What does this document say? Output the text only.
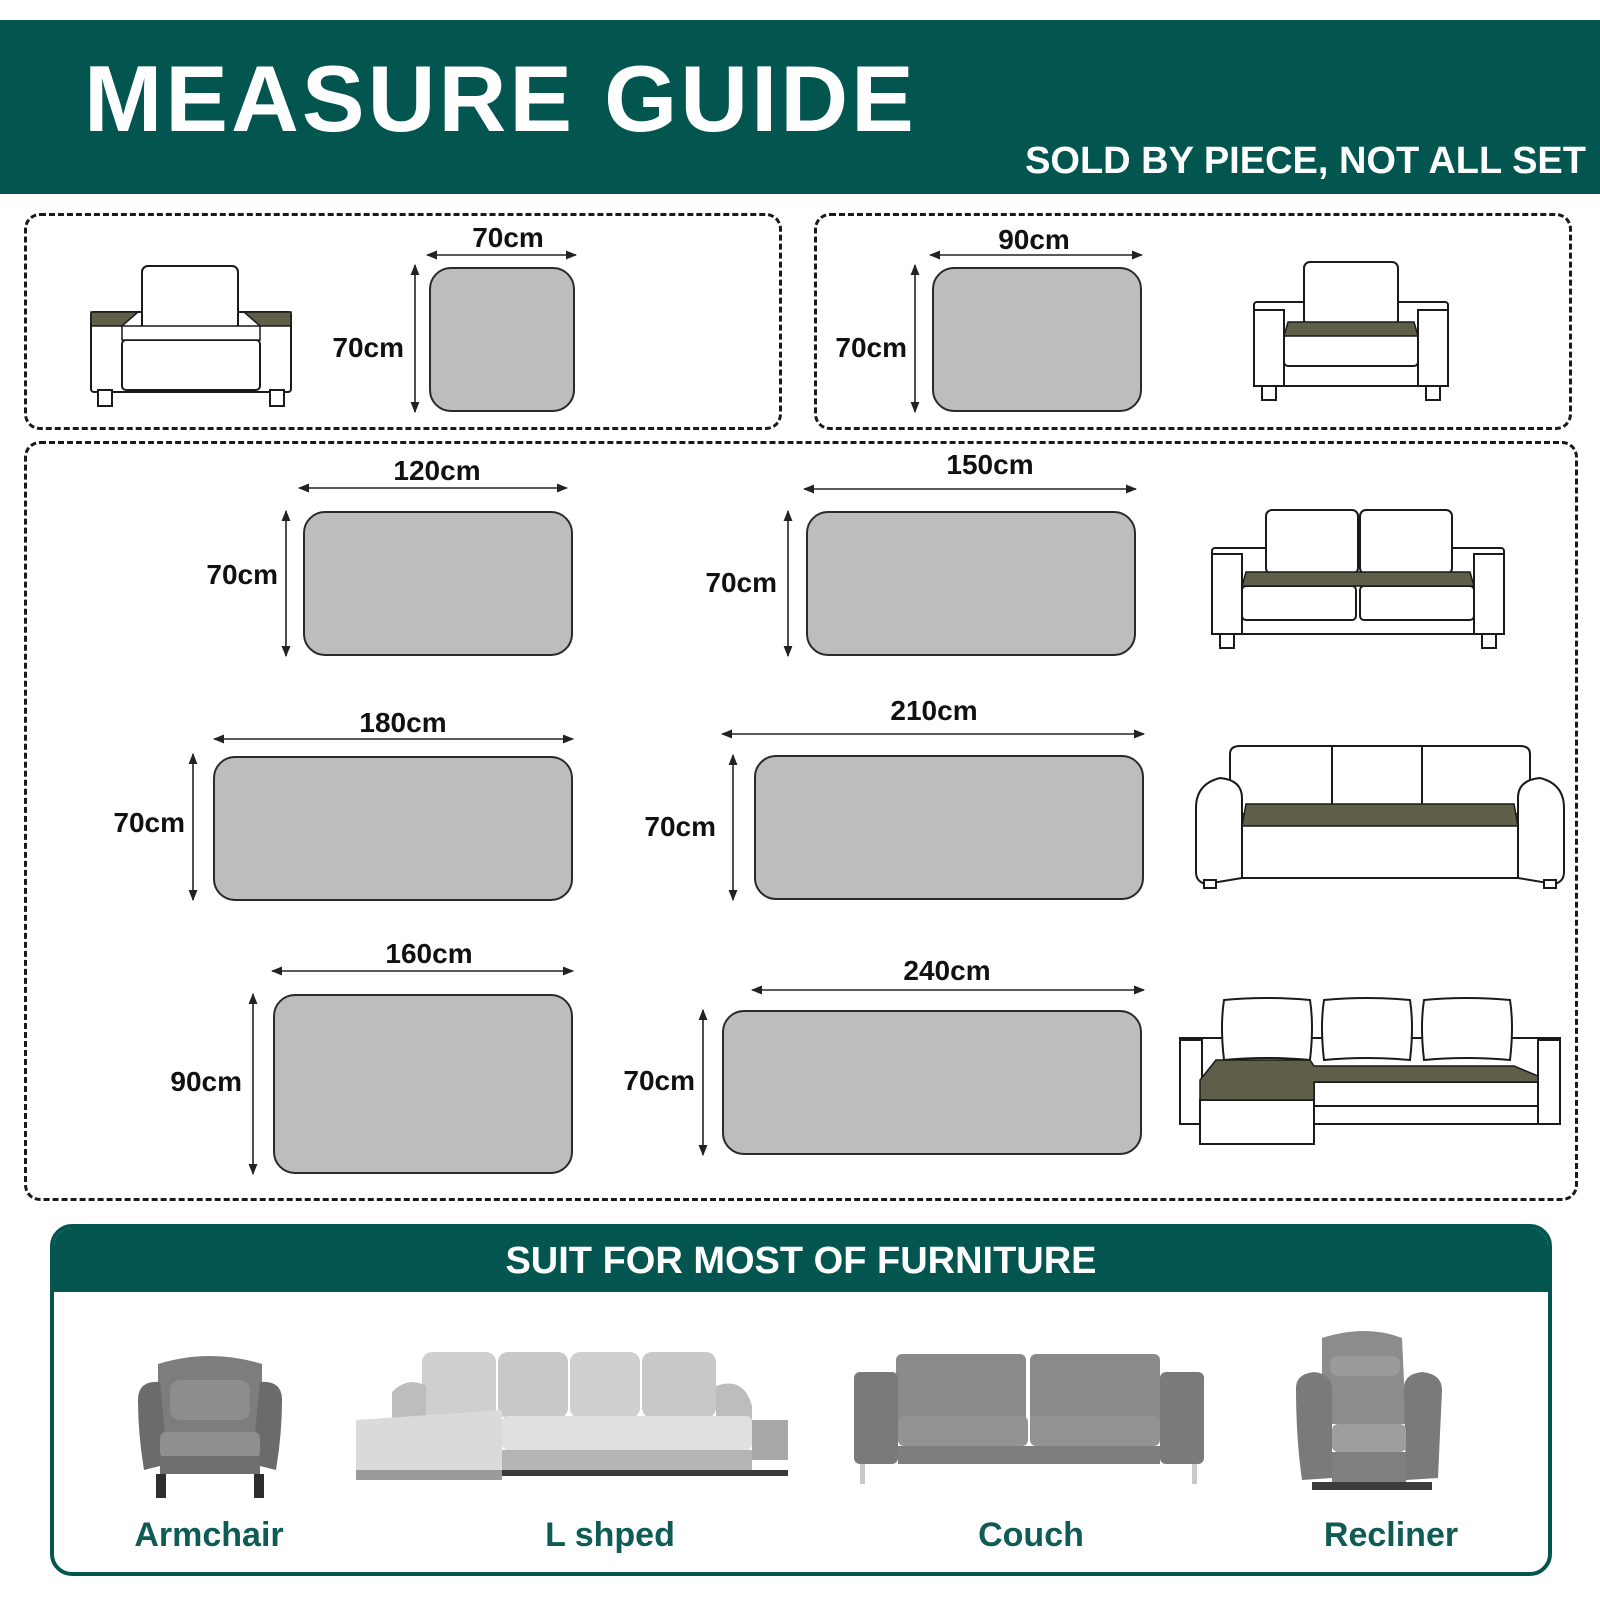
MEASURE GUIDE
SOLD BY PIECE, NOT ALL SET
70cm
70cm
90cm
70cm
120cm
70cm
150cm
70cm
180cm
70cm
210cm
70cm
160cm
90cm
240cm
70cm
SUIT FOR MOST OF FURNITURE
Armchair	L shped	Couch	Recliner
